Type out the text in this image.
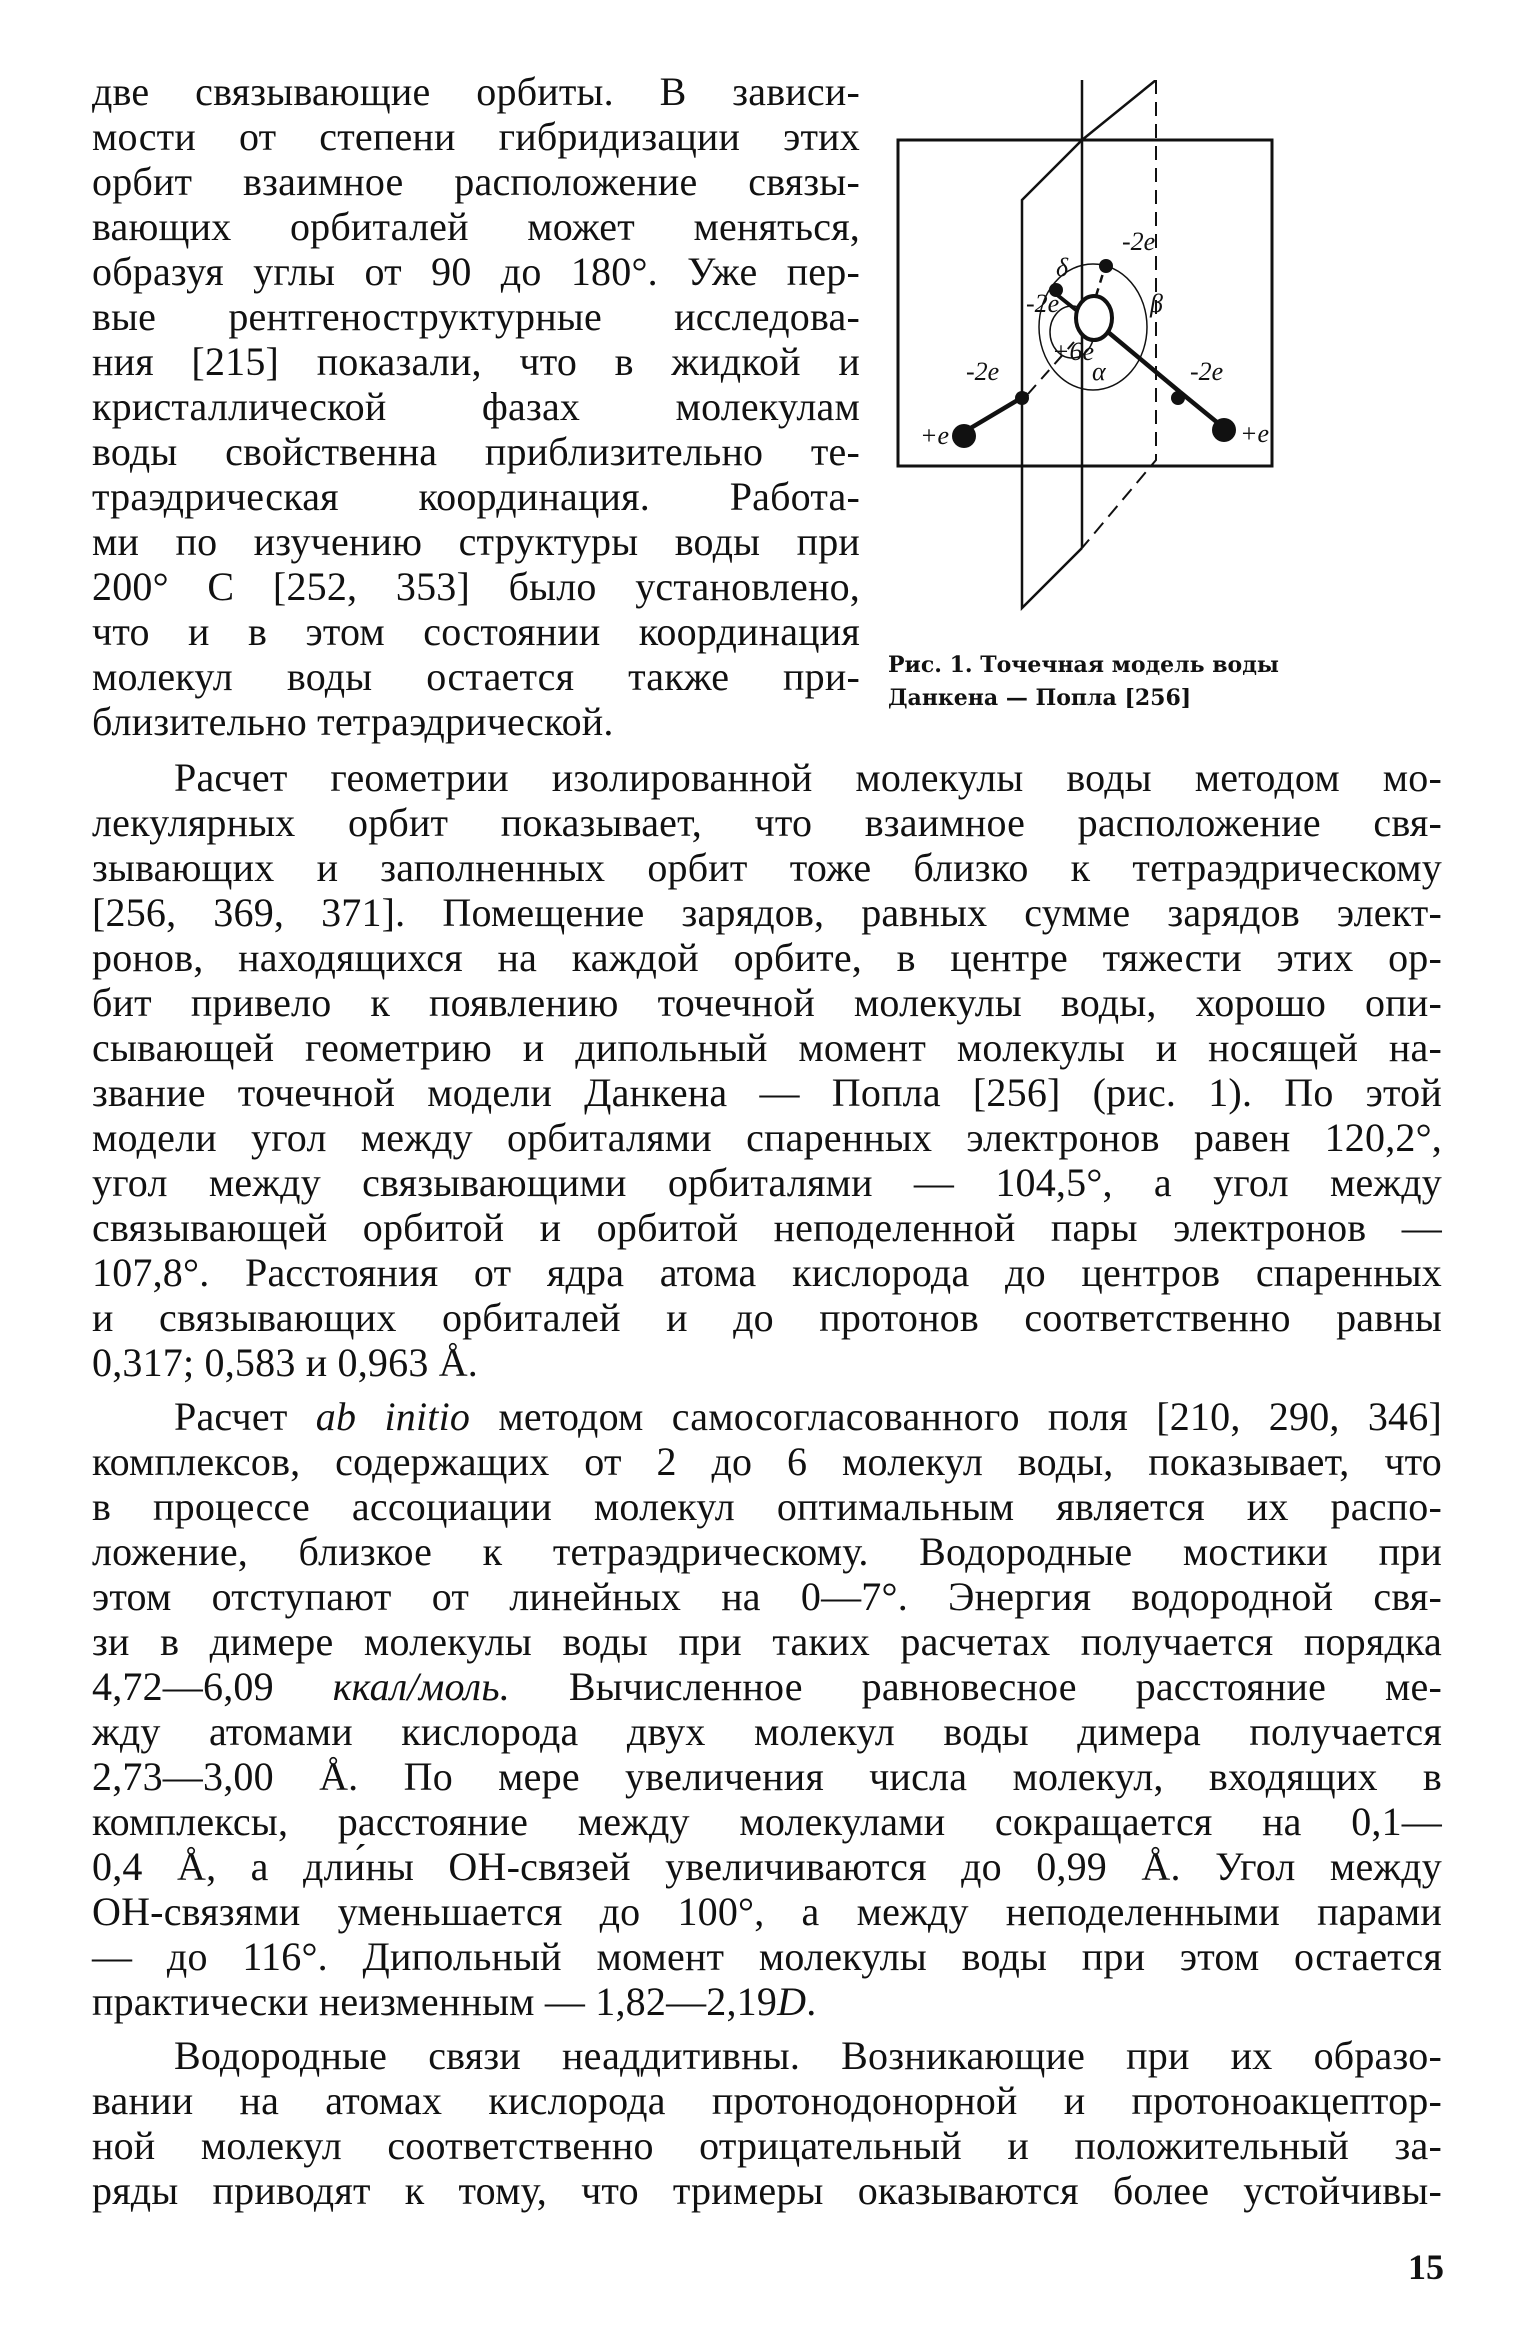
две связывающие орбиты. В зависи-
мости от степени гибридизации этих
орбит взаимное расположение связы-
вающих орбиталей может меняться,
образуя углы от 90 до 180°. Уже пер-
вые рентгеноструктурные исследова-
ния [215] показали, что в жидкой и
кристаллической фазах молекулам
воды свойственна приблизительно те-
траэдрическая координация. Работа-
ми по изучению структуры воды при
200° С [252, 353] было установлено,
что и в этом состоянии координация
молекул воды остается также при-
близительно тетраэдрической.
-2e
-2e
-2e	-2e
+e	+e
+6e
α
β
δ
Рис. 1. Точечная модель воды
Данкена — Попла [256]
Расчет геометрии изолированной молекулы воды методом мо-
лекулярных орбит показывает, что взаимное расположение свя-
зывающих и заполненных орбит тоже близко к тетраэдрическому
[256, 369, 371]. Помещение зарядов, равных сумме зарядов элект-
ронов, находящихся на каждой орбите, в центре тяжести этих ор-
бит привело к появлению точечной молекулы воды, хорошо опи-
сывающей геометрию и дипольный момент молекулы и носящей на-
звание точечной модели Данкена — Попла [256] (рис. 1). По этой
модели угол между орбиталями спаренных электронов равен 120,2°,
угол между связывающими орбиталями — 104,5°, а угол между
связывающей орбитой и орбитой неподеленной пары электронов —
107,8°. Расстояния от ядра атома кислорода до центров спаренных
и связывающих орбиталей и до протонов соответственно равны
0,317; 0,583 и 0,963 Å.
Расчет ab initio методом самосогласованного поля [210, 290, 346]
комплексов, содержащих от 2 до 6 молекул воды, показывает, что
в процессе ассоциации молекул оптимальным является их распо-
ложение, близкое к тетраэдрическому. Водородные мостики при
этом отступают от линейных на 0—7°. Энергия водородной свя-
зи в димере молекулы воды при таких расчетах получается порядка
4,72—6,09 ккал/моль. Вычисленное равновесное расстояние ме-
жду атомами кислорода двух молекул воды димера получается
2,73—3,00 Å. По мере увеличения числа молекул, входящих в
комплексы, расстояние между молекулами сокращается на 0,1—
0,4 Å, а дли́ны OH-связей увеличиваются до 0,99 Å. Угол между
OH-связями уменьшается до 100°, а между неподеленными парами
— до 116°. Дипольный момент молекулы воды при этом остается
практически неизменным — 1,82—2,19D.
Водородные связи неаддитивны. Возникающие при их образо-
вании на атомах кислорода протонодонорной и протоноакцептор-
ной молекул соответственно отрицательный и положительный за-
ряды приводят к тому, что тримеры оказываются более устойчивы-
15
